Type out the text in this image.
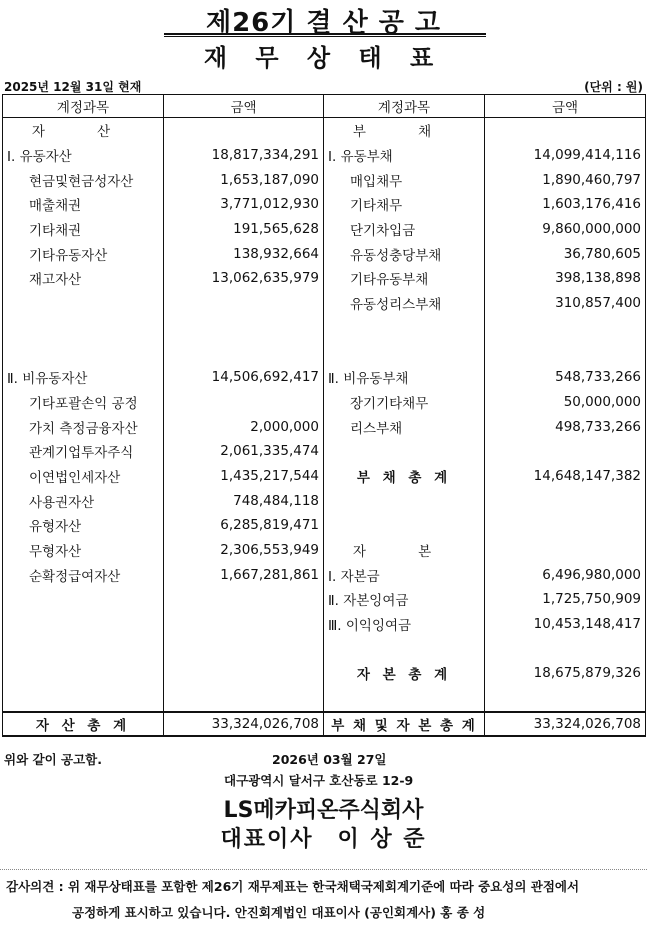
제26기 결 산 공 고
재 무 상 태 표
2025년 12월 31일 현재	(단위 : 원)
계정과목	금액	계정과목	금액
자 산		부 채	
Ⅰ. 유동자산	18,817,334,291	Ⅰ. 유동부채	14,099,414,116
현금및현금성자산	1,653,187,090	매입채무	1,890,460,797
매출채권	3,771,012,930	기타채무	1,603,176,416
기타채권	191,565,628	단기차입금	9,860,000,000
기타유동자산	138,932,664	유동성충당부채	36,780,605
재고자산	13,062,635,979	기타유동부채	398,138,898
		유동성리스부채	310,857,400

Ⅱ. 비유동자산	14,506,692,417	Ⅱ. 비유동부채	548,733,266
기타포괄손익 공정		장기기타채무	50,000,000
가치 측정금융자산	2,000,000	리스부채	498,733,266
관계기업투자주식	2,061,335,474		
이연법인세자산	1,435,217,544	부 채 총 계	14,648,147,382
사용권자산	748,484,118		
유형자산	6,285,819,471		
무형자산	2,306,553,949	자 본	
순확정급여자산	1,667,281,861	Ⅰ. 자본금	6,496,980,000
		Ⅱ. 자본잉여금	1,725,750,909
		Ⅲ. 이익잉여금	10,453,148,417

		자 본 총 계	18,675,879,326

자 산 총 계	33,324,026,708	부 채 및 자 본 총 계	33,324,026,708
위와 같이 공고함.	2026년 03월 27일
대구광역시 달서구 호산동로 12-9
LS메카피온주식회사
대표이사　이 상 준
감사의견 : 위 재무상태표를 포함한 제26기 재무제표는 한국채택국제회계기준에 따라 중요성의 관점에서
공정하게 표시하고 있습니다. 안진회계법인 대표이사 (공인회계사) 홍 종 성
